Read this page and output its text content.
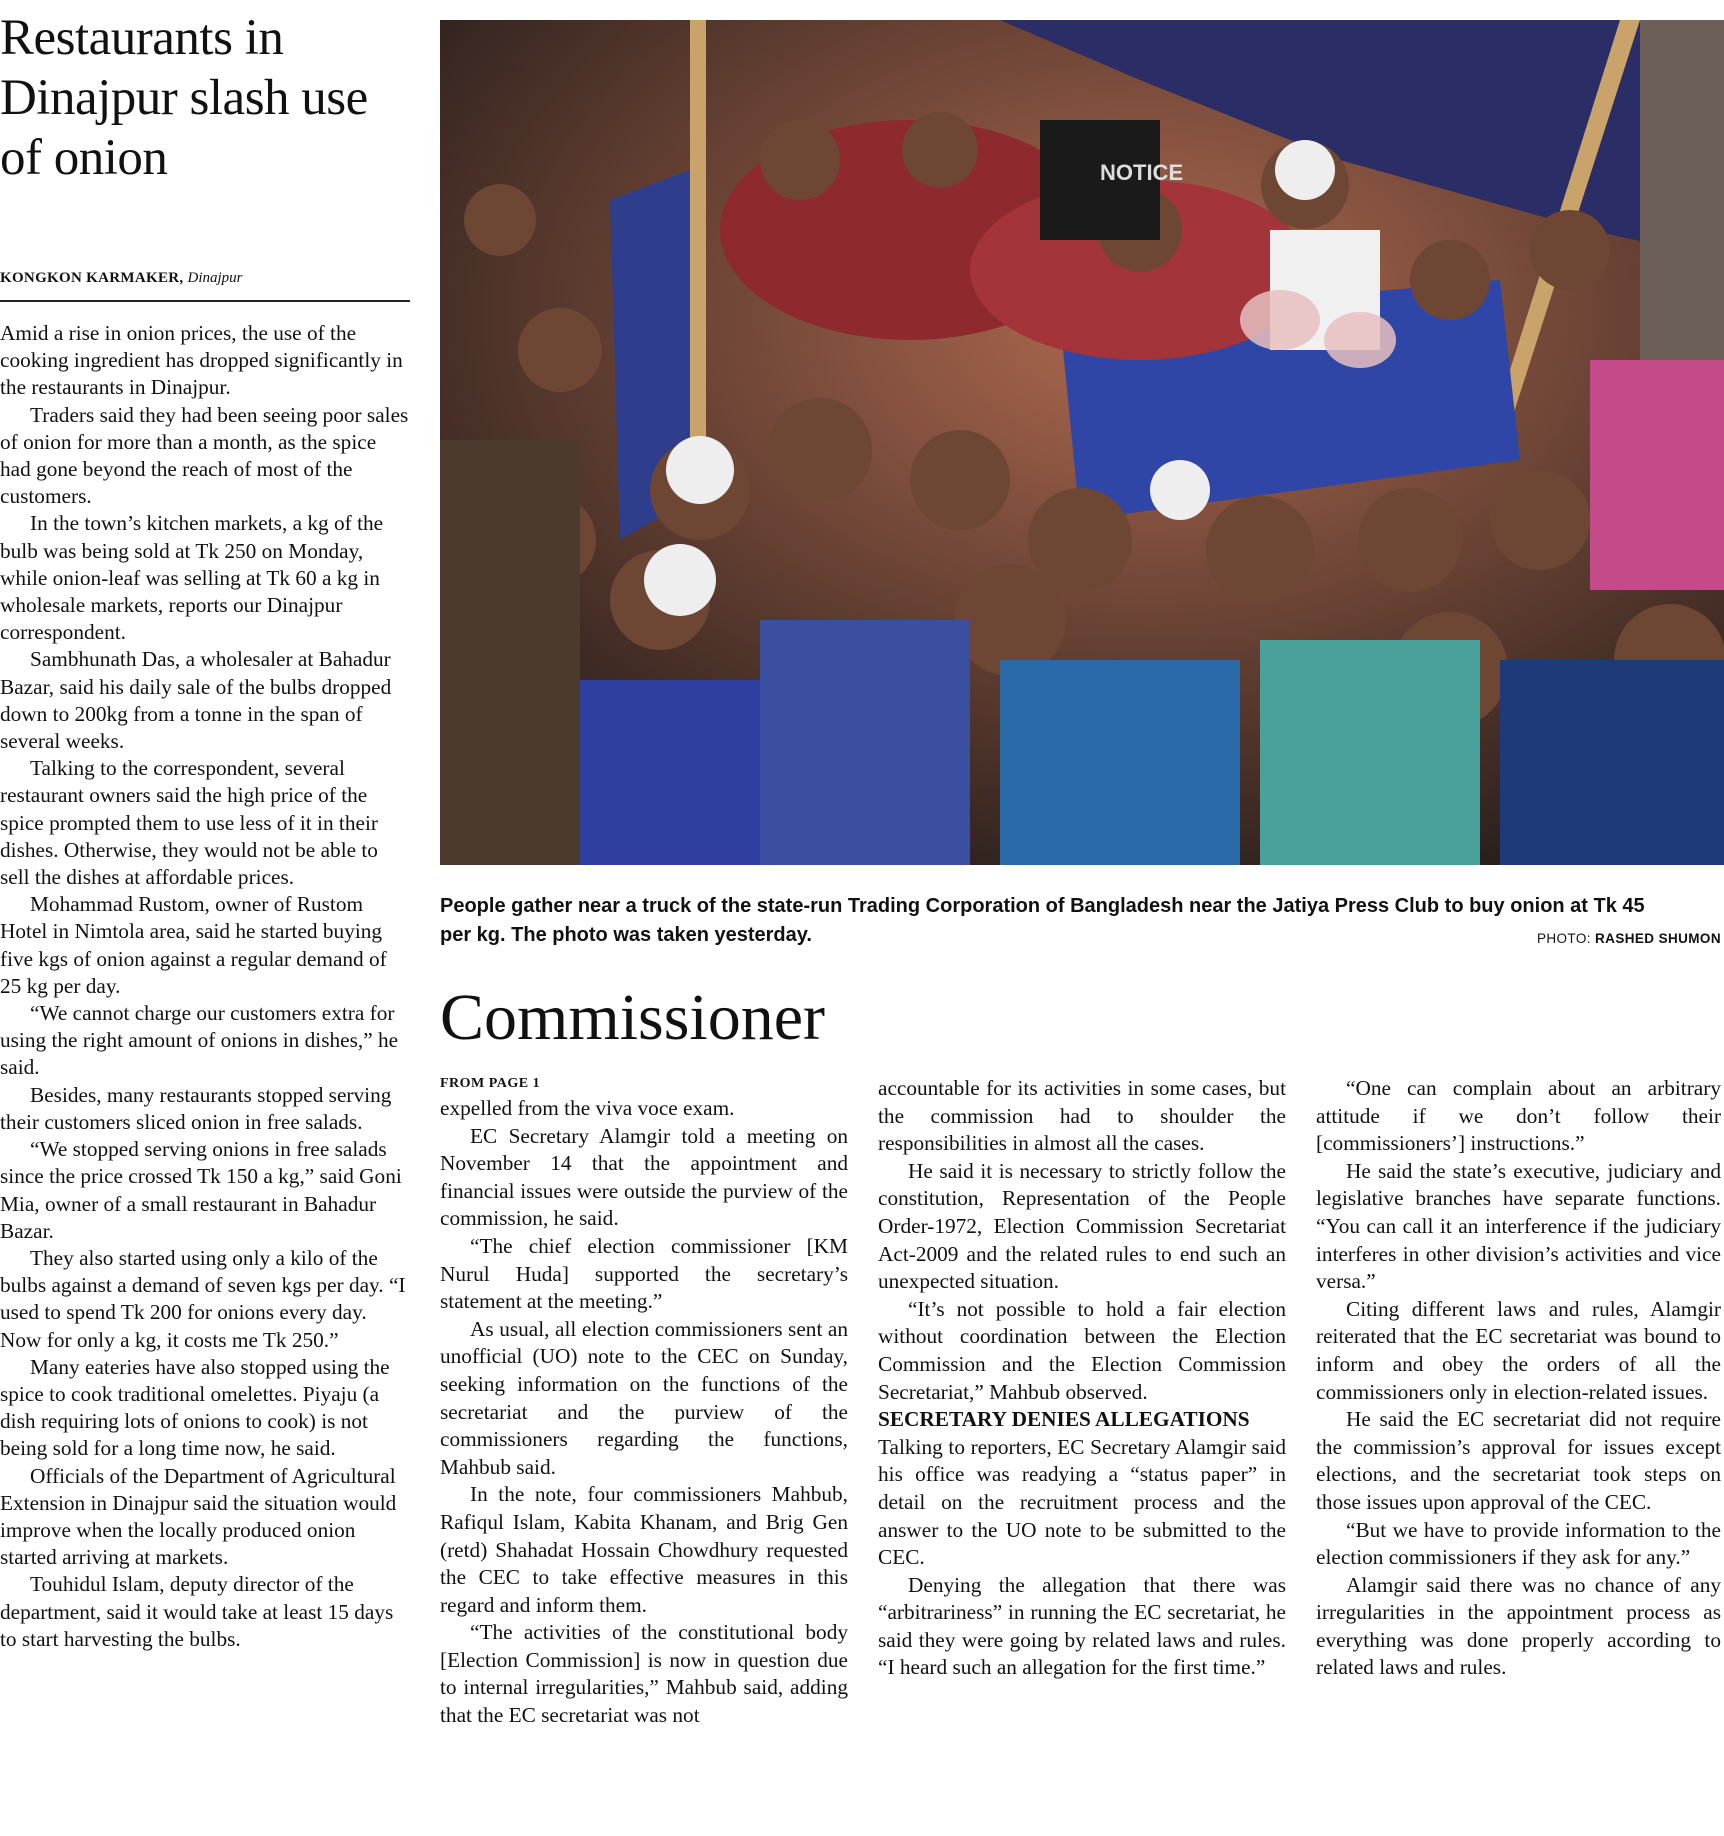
Restaurants in Dinajpur slash use of onion
KONGKON KARMAKER, Dinajpur

Amid a rise in onion prices, the use of the cooking ingredient has dropped significantly in the restaurants in Dinajpur.

Traders said they had been seeing poor sales of onion for more than a month, as the spice had gone beyond the reach of most of the customers.

In the town’s kitchen markets, a kg of the bulb was being sold at Tk 250 on Monday, while onion-leaf was selling at Tk 60 a kg in wholesale markets, reports our Dinajpur correspondent.

Sambhunath Das, a wholesaler at Bahadur Bazar, said his daily sale of the bulbs dropped down to 200kg from a tonne in the span of several weeks.

Talking to the correspondent, several restaurant owners said the high price of the spice prompted them to use less of it in their dishes. Otherwise, they would not be able to sell the dishes at affordable prices.

Mohammad Rustom, owner of Rustom Hotel in Nimtola area, said he started buying five kgs of onion against a regular demand of 25 kg per day.

“We cannot charge our customers extra for using the right amount of onions in dishes,” he said.

Besides, many restaurants stopped serving their customers sliced onion in free salads.

“We stopped serving onions in free salads since the price crossed Tk 150 a kg,” said Goni Mia, owner of a small restaurant in Bahadur Bazar.

They also started using only a kilo of the bulbs against a demand of seven kgs per day. “I used to spend Tk 200 for onions every day. Now for only a kg, it costs me Tk 250.”

Many eateries have also stopped using the spice to cook traditional omelettes. Piyaju (a dish requiring lots of onions to cook) is not being sold for a long time now, he said.

Officials of the Department of Agricultural Extension in Dinajpur said the situation would improve when the locally produced onion started arriving at markets.

Touhidul Islam, deputy director of the department, said it would take at least 15 days to start harvesting the bulbs.

NOTICE
People gather near a truck of the state-run Trading Corporation of Bangladesh near the Jatiya Press Club to buy onion at Tk 45 per kg. The photo was taken yesterday.	PHOTO: RASHED SHUMON
Commissioner
FROM PAGE 1

expelled from the viva voce exam.

EC Secretary Alamgir told a meeting on November 14 that the appointment and financial issues were outside the purview of the commission, he said.

“The chief election commissioner [KM Nurul Huda] supported the secretary’s statement at the meeting.”

As usual, all election commissioners sent an unofficial (UO) note to the CEC on Sunday, seeking information on the functions of the secretariat and the purview of the commissioners regarding the functions, Mahbub said.

In the note, four commissioners Mahbub, Rafiqul Islam, Kabita Khanam, and Brig Gen (retd) Shahadat Hossain Chowdhury requested the CEC to take effective measures in this regard and inform them.

“The activities of the constitutional body [Election Commission] is now in question due to internal irregularities,” Mahbub said, adding that the EC secretariat was not

accountable for its activities in some cases, but the commission had to shoulder the responsibilities in almost all the cases.

He said it is necessary to strictly follow the constitution, Representation of the People Order-1972, Election Commission Secretariat Act-2009 and the related rules to end such an unexpected situation.

“It’s not possible to hold a fair election without coordination between the Election Commission and the Election Commission Secretariat,” Mahbub observed.

SECRETARY DENIES ALLEGATIONS

Talking to reporters, EC Secretary Alamgir said his office was readying a “status paper” in detail on the recruitment process and the answer to the UO note to be submitted to the CEC.

Denying the allegation that there was “arbitrariness” in running the EC secretariat, he said they were going by related laws and rules. “I heard such an allegation for the first time.”

“One can complain about an arbitrary attitude if we don’t follow their [commissioners’] instructions.”

He said the state’s executive, judiciary and legislative branches have separate functions. “You can call it an interference if the judiciary interferes in other division’s activities and vice versa.”

Citing different laws and rules, Alamgir reiterated that the EC secretariat was bound to inform and obey the orders of all the commissioners only in election-related issues.

He said the EC secretariat did not require the commission’s approval for issues except elections, and the secretariat took steps on those issues upon approval of the CEC.

“But we have to provide information to the election commissioners if they ask for any.”

Alamgir said there was no chance of any irregularities in the appointment process as everything was done properly according to related laws and rules.
